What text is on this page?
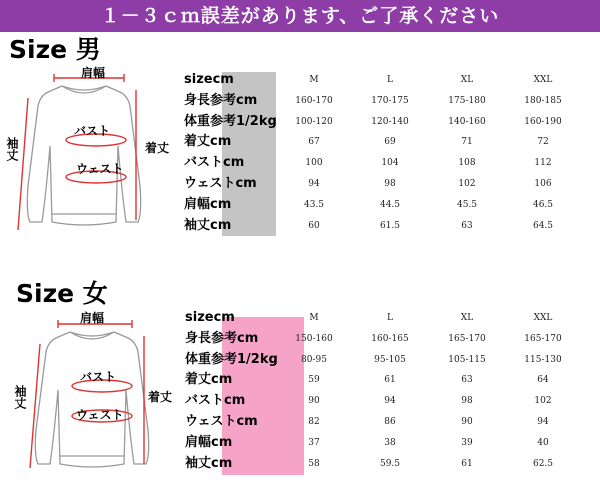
１－３ｃｍ誤差があります、ご了承ください
Size 男
肩幅
袖丈
バスト
ウェスト
着丈
sizecm
身長参考cm
体重参考1/2kg
着丈cm
バストcm
ウェストcm
肩幅cm
袖丈cm
M
160-170
100-120
67
100
94
43.5
60
L
170-175
120-140
69
104
98
44.5
61.5
XL
175-180
140-160
71
108
102
45.5
63
XXL
180-185
160-190
72
112
106
46.5
64.5
Size 女
肩幅
袖丈
バスト
ウェスト
着丈
sizecm
身長参考cm
体重参考1/2kg
着丈cm
バストcm
ウェストcm
肩幅cm
袖丈cm
M
150-160
80-95
59
90
82
37
58
L
160-165
95-105
61
94
86
38
59.5
XL
165-170
105-115
63
98
90
39
61
XXL
165-170
115-130
64
102
94
40
62.5
